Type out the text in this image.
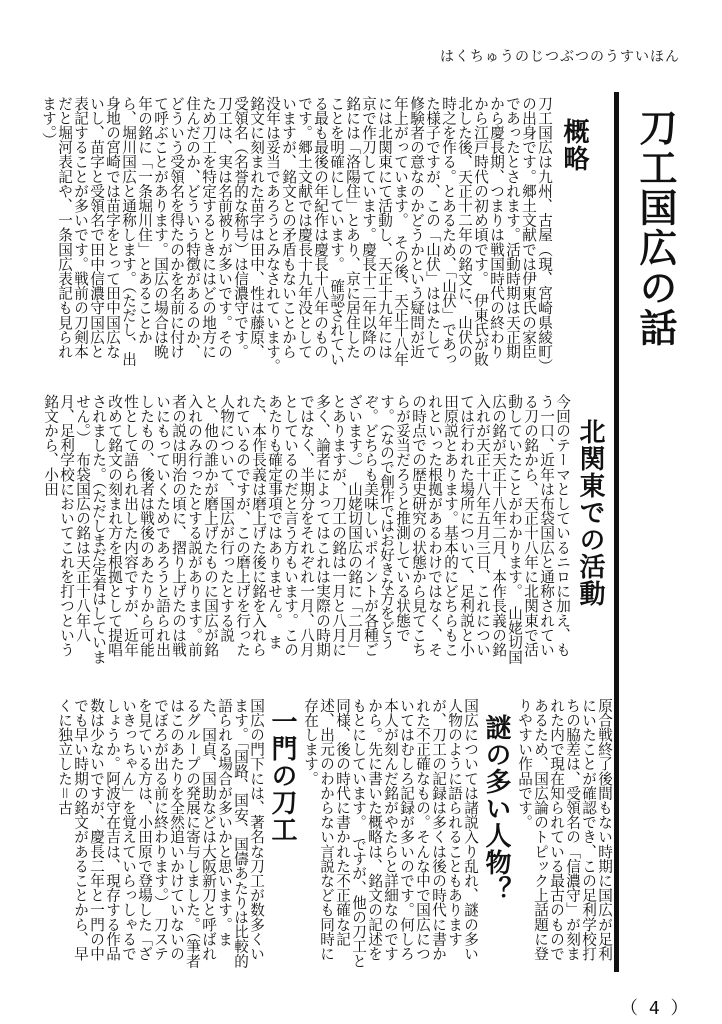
はくちゅうのじつぶつのうすいほん
刀工国広の話
概略
刀工国広は九州、古屋（現、宮崎県綾町）の出身です。郷土文献では伊東氏の家臣であったとされます。活動時期は天正期から慶長期、つまりは戦国時代の終わりから江戸時代の初め頃です。　伊東氏が敗北した後、天正十二年の銘文に、山伏の時之を作る。とあるため、「山伏」であった様子ですが、この「山伏」ははたして修験者の意なのかどうかという疑問が近年上がっています。　その後、天正十八年には北関東にて活動し、天正十九年には京で作刀しています。慶長十二年以降の銘には「洛陽住」とあり、京に居住したことを明確にしています。　確認されている最も最後の年紀作は慶長十八年のものです。郷土文献では慶長十九年没としていますが、銘文との矛盾もないことから没年は妥当であろうとみなされています。　銘文に刻まれた苗字は田中、性は藤原、受領名（名誉的な称号）は信濃守です。　刀工は、実は名前被りが多いです。そのため刀工を特定するときにはどの地方に住んだのか、どういう特徴があるのか、どういう受領名を得たのかを名前に付けて呼ぶことがあります。国広の場合は晩年の銘に「一条堀川住」とあることから、堀川国広と通称します。（ただし、出身地の宮崎では苗字をとって田中国広ないし、苗字と受領名で田中信濃守国広と表記することが多いです。戦前の刀剣本だと堀河表記や、一条国広表記も見られます。）
北関東での活動
今回のテーマとしているニロに加え、もう一口、近年は布袋国広と通称されている刀の銘から、天正十八年に北関東で活動していたことがわかります。　山姥切国広の銘が天正十八年二月、本作長義の銘入れが天正十八年五月三日、これについては行われた場所について、足利説と小田原説とあります。基本的にどちらもこれといった根拠があるわけではなく、その時点での歴史研究の状態から見てこちらが妥当だろうと推測している状態です。（なので創作ではお好きな方をどうぞ。どちらも美味しいポイントが各種ございます。）　山姥切国広の銘に「二月」とありますが、刀工の銘は一月と八月に多く、論者によってはこれは実際の時期ではなく、半期分をそれぞれ一月、八月としているのだと言う方もいます。このあたりも確定事項ではありません。　また、本作長義は磨上げた後に銘を入れられているのですが、この磨上げを行った人物について、国広が行ったとする説と、他の誰かが磨上げたものに国広が銘入れのみ行ったとする説があります。前者の説は明治の頃に、摺り上げたのは戦いにもっていくためであろうと語られ出したもの、後者は戦後のあたりから可能性として語られ出した内容ですが、近年改めて銘文の刻まれ方を根拠として提唱されました。（ただしまだ定着はしていません。）　布袋国広の銘は天正十八年八月、足利学校においてこれを打つという銘文から、小田
原合戦終了後間もない時期に国広が足利にいたことが確認でき、この足利学校打ちの脇差は、受領名の「信濃守」が刻まれた内で現在知られている最古のものであるため、国広論のトピック上話題に登りやすい作品です。
謎の多い人物？
国広については諸説入り乱れ、謎の多い人物のように語られることもありますが、刀工の記録は多くは後の時代に書かれた不正確なもの。そんな中で国広についてはむしろ記録が多いのです。何しろ本人が刻んだ銘がやたらと詳細なのですから。先に書いた概略は、銘文の記述をもとにしています。　ですが、他の刀工と同様、後の時代に書かれた不正確な記述、出元のわからない言説なども同時に存在します。
一門の刀工
国広の門下には、著名な刀工が数多くいます。「国路、国安、国儔あたりは比較的語られる場合が多いかと思います。また、国貞、国助などは大阪新刀と呼ばれるグループの発展に寄与しました。（筆者はこのあたりを全然追いかけていないのでぼろが出る前に終わります。）　刀ステを見ている方は、小田原で登場した「ざいきっちゃん」を覚えていらっしゃるでしょうか。阿波守在吉は、現存する作品数は少ないですが、慶長二年と一門の中でも早い時期の銘文があることから、早くに独立した＝古
（ 4 ）
